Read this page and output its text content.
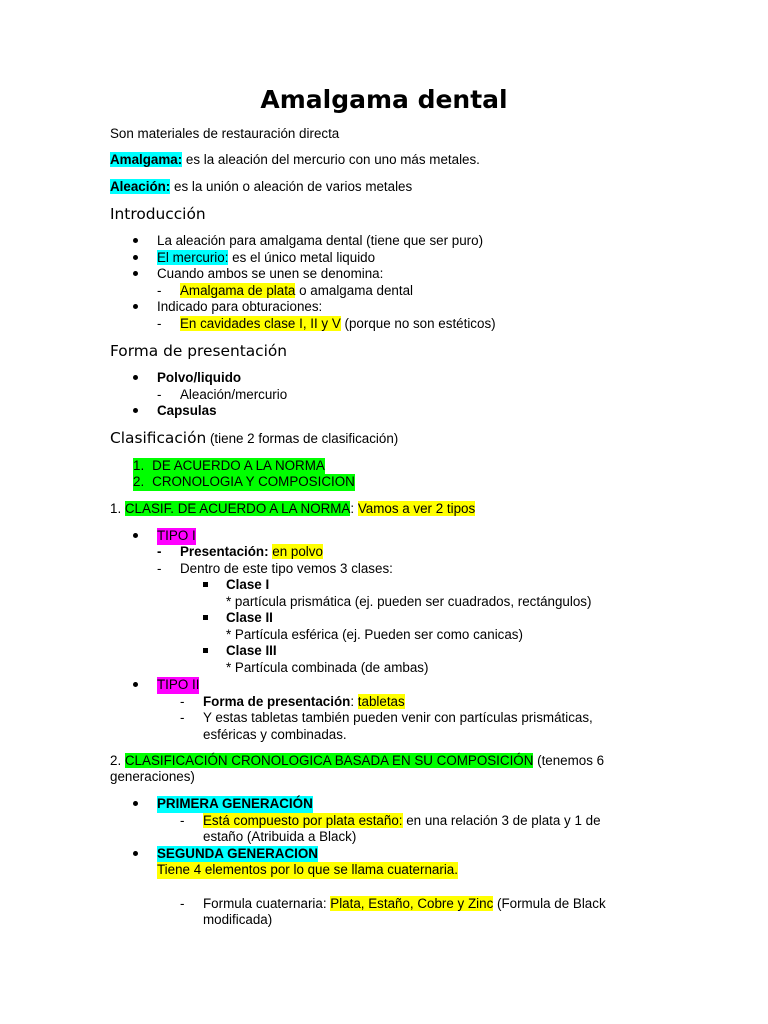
Amalgama dental
Son materiales de restauración directa
Amalgama: es la aleación del mercurio con uno más metales.
Aleación: es la unión o aleación de varios metales
Introducción
La aleación para amalgama dental (tiene que ser puro)
El mercurio: es el único metal liquido
Cuando ambos se unen se denomina:
- Amalgama de plata o amalgama dental
Indicado para obturaciones:
- En cavidades clase I, II y V (porque no son estéticos)
Forma de presentación
Polvo/liquido
- Aleación/mercurio
Capsulas
Clasificación (tiene 2 formas de clasificación)
1. DE ACUERDO A LA NORMA
2. CRONOLOGIA Y COMPOSICION
1. CLASIF. DE ACUERDO A LA NORMA: Vamos a ver 2 tipos
TIPO I
- Presentación: en polvo
- Dentro de este tipo vemos 3 clases:
Clase I
* partícula prismática (ej. pueden ser cuadrados, rectángulos)
Clase II
* Partícula esférica (ej. Pueden ser como canicas)
Clase III
* Partícula combinada (de ambas)
TIPO II
- Forma de presentación: tabletas
- Y estas tabletas también pueden venir con partículas prismáticas,
esféricas y combinadas.
2. CLASIFICACIÓN CRONOLOGICA BASADA EN SU COMPOSICIÓN (tenemos 6
generaciones)
PRIMERA GENERACIÓN
- Está compuesto por plata estaño: en una relación 3 de plata y 1 de
estaño (Atribuida a Black)
SEGUNDA GENERACION
Tiene 4 elementos por lo que se llama cuaternaria.
- Formula cuaternaria: Plata, Estaño, Cobre y Zinc (Formula de Black
modificada)
